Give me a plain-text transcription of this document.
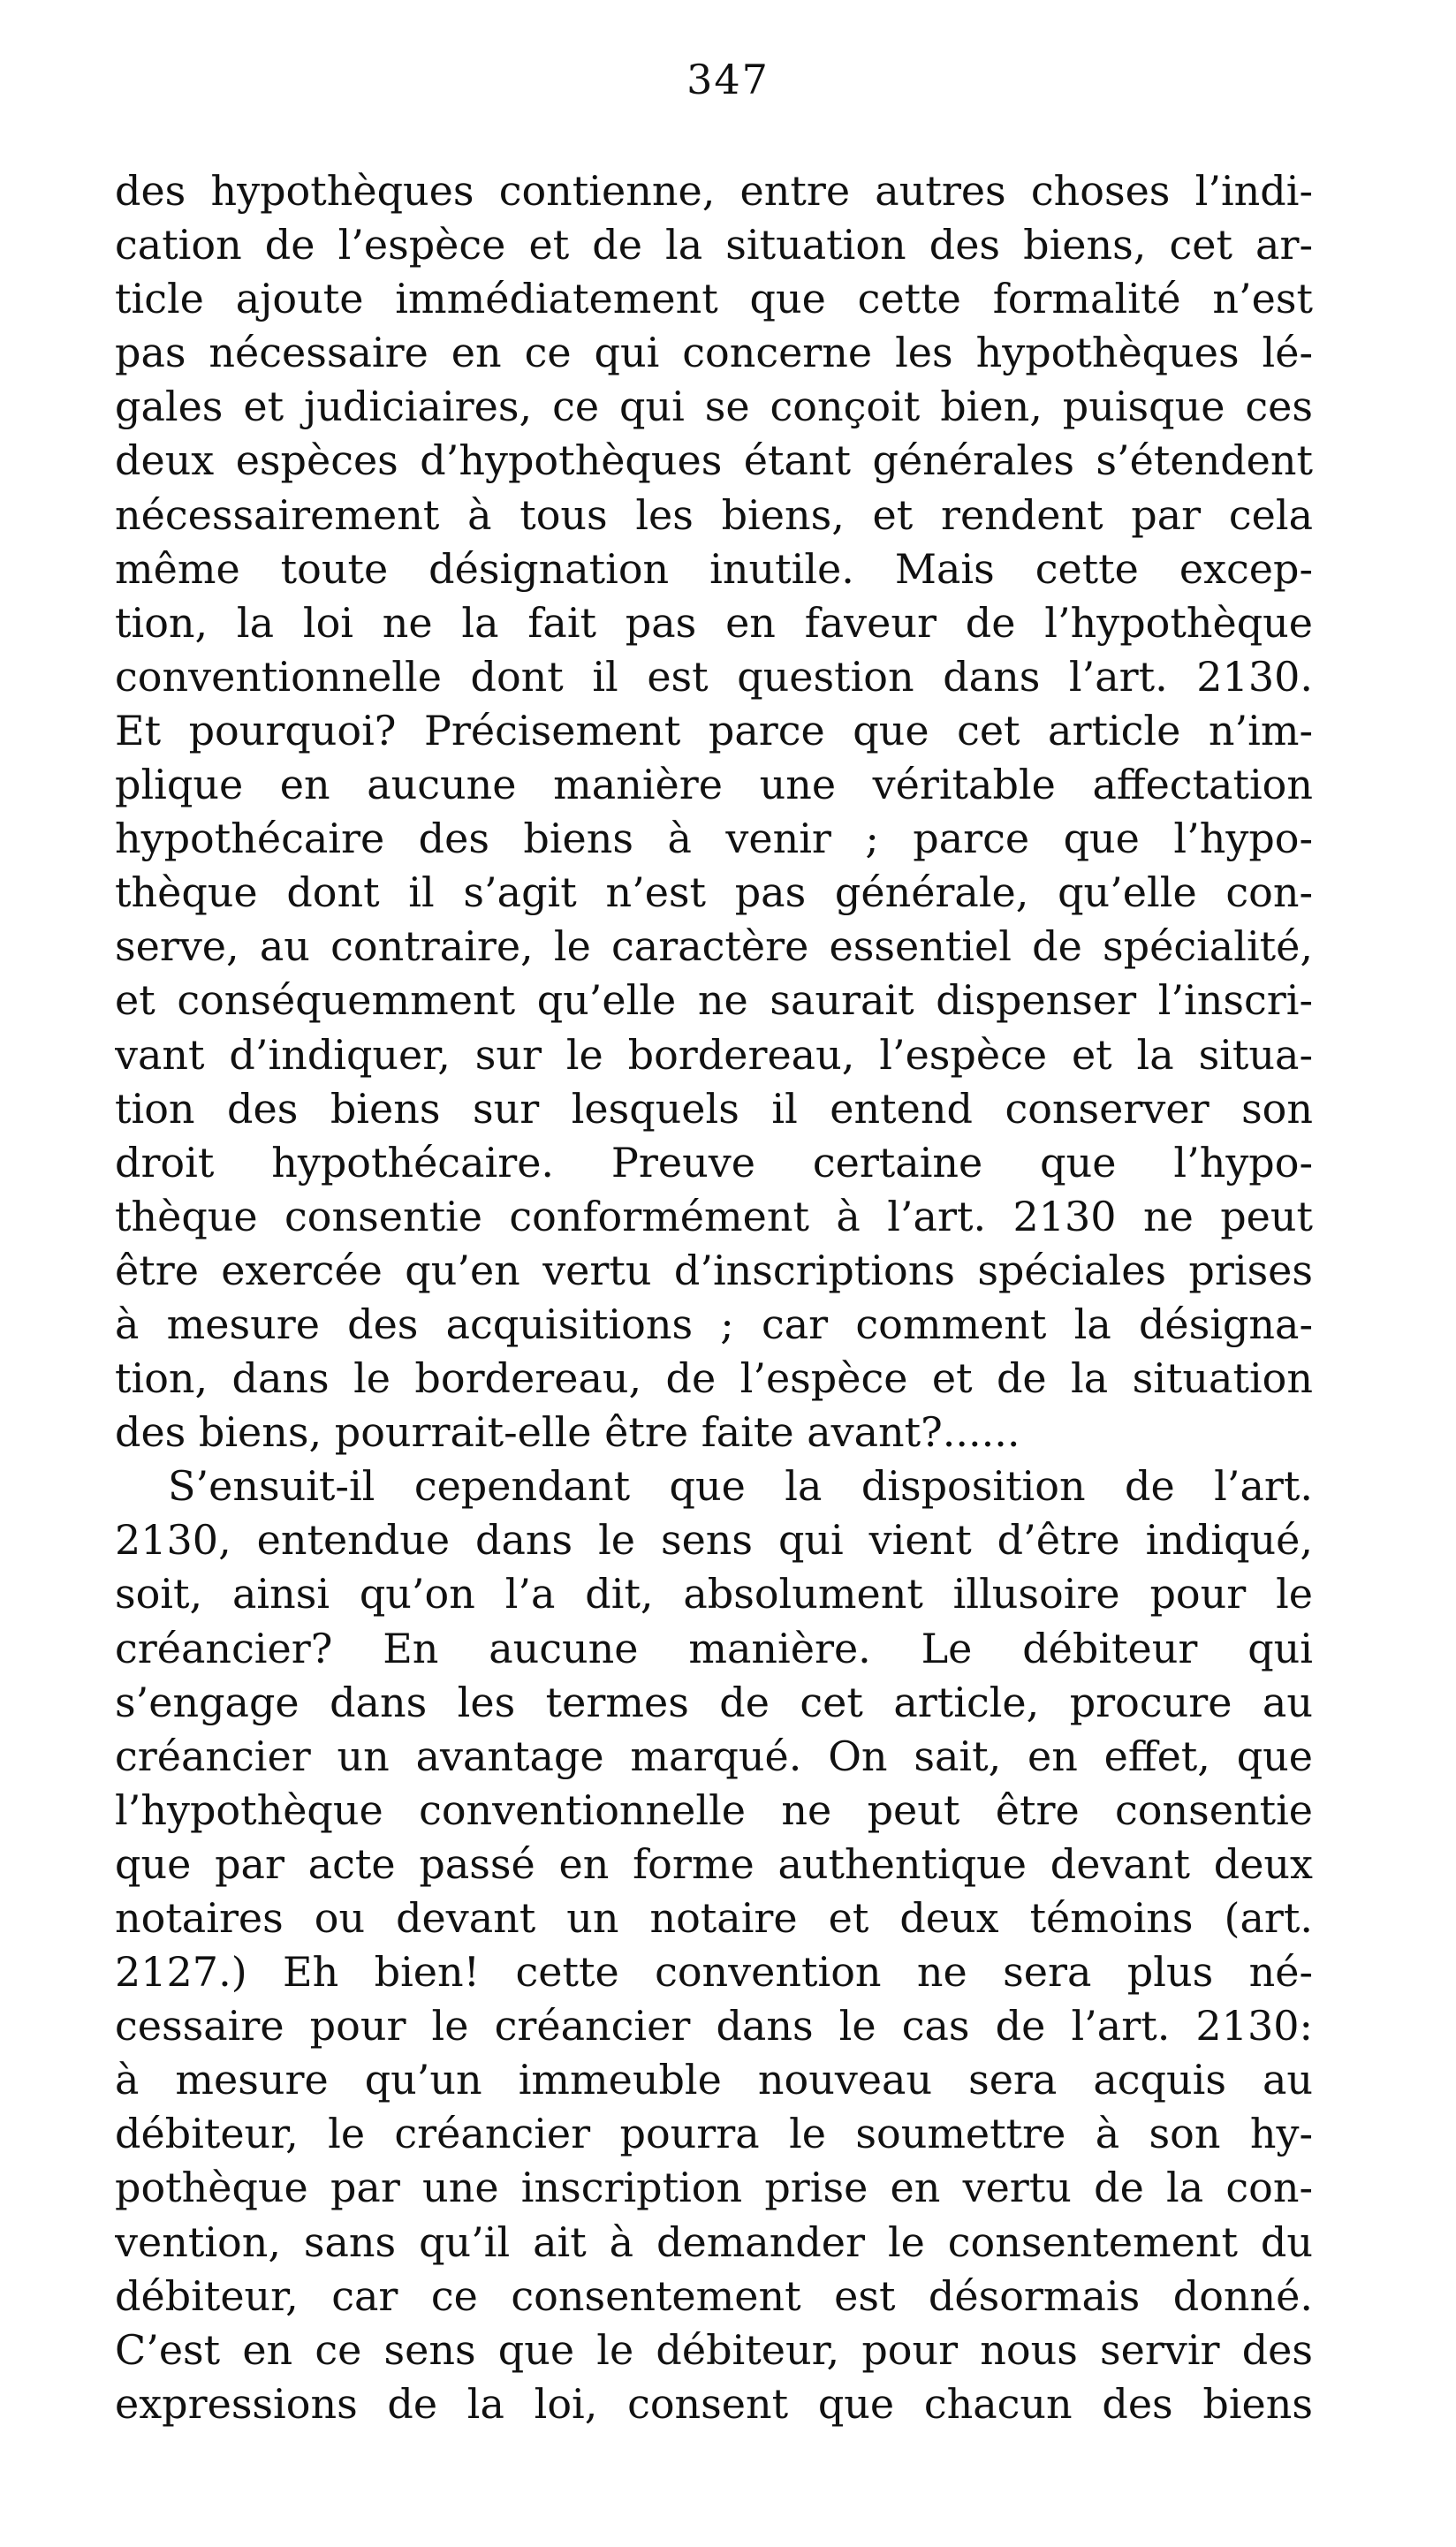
347
des hypothèques contienne, entre autres choses l’indi-
cation de l’espèce et de la situation des biens, cet ar-
ticle ajoute immédiatement que cette formalité n’est
pas nécessaire en ce qui concerne les hypothèques lé-
gales et judiciaires, ce qui se conçoit bien, puisque ces
deux espèces d’hypothèques étant générales s’étendent
nécessairement à tous les biens, et rendent par cela
même toute désignation inutile. Mais cette excep-
tion, la loi ne la fait pas en faveur de l’hypothèque
conventionnelle dont il est question dans l’art. 2130.
Et pourquoi? Précisement parce que cet article n’im-
plique en aucune manière une véritable affectation
hypothécaire des biens à venir ; parce que l’hypo-
thèque dont il s’agit n’est pas générale, qu’elle con-
serve, au contraire, le caractère essentiel de spécialité,
et conséquemment qu’elle ne saurait dispenser l’inscri-
vant d’indiquer, sur le bordereau, l’espèce et la situa-
tion des biens sur lesquels il entend conserver son
droit hypothécaire. Preuve certaine que l’hypo-
thèque consentie conformément à l’art. 2130 ne peut
être exercée qu’en vertu d’inscriptions spéciales prises
à mesure des acquisitions ; car comment la désigna-
tion, dans le bordereau, de l’espèce et de la situation
des biens, pourrait-elle être faite avant?......
S’ensuit-il cependant que la disposition de l’art.
2130, entendue dans le sens qui vient d’être indiqué,
soit, ainsi qu’on l’a dit, absolument illusoire pour le
créancier? En aucune manière. Le débiteur qui
s’engage dans les termes de cet article, procure au
créancier un avantage marqué. On sait, en effet, que
l’hypothèque conventionnelle ne peut être consentie
que par acte passé en forme authentique devant deux
notaires ou devant un notaire et deux témoins (art.
2127.) Eh bien! cette convention ne sera plus né-
cessaire pour le créancier dans le cas de l’art. 2130:
à mesure qu’un immeuble nouveau sera acquis au
débiteur, le créancier pourra le soumettre à son hy-
pothèque par une inscription prise en vertu de la con-
vention, sans qu’il ait à demander le consentement du
débiteur, car ce consentement est désormais donné.
C’est en ce sens que le débiteur, pour nous servir des
expressions de la loi, consent que chacun des biens
